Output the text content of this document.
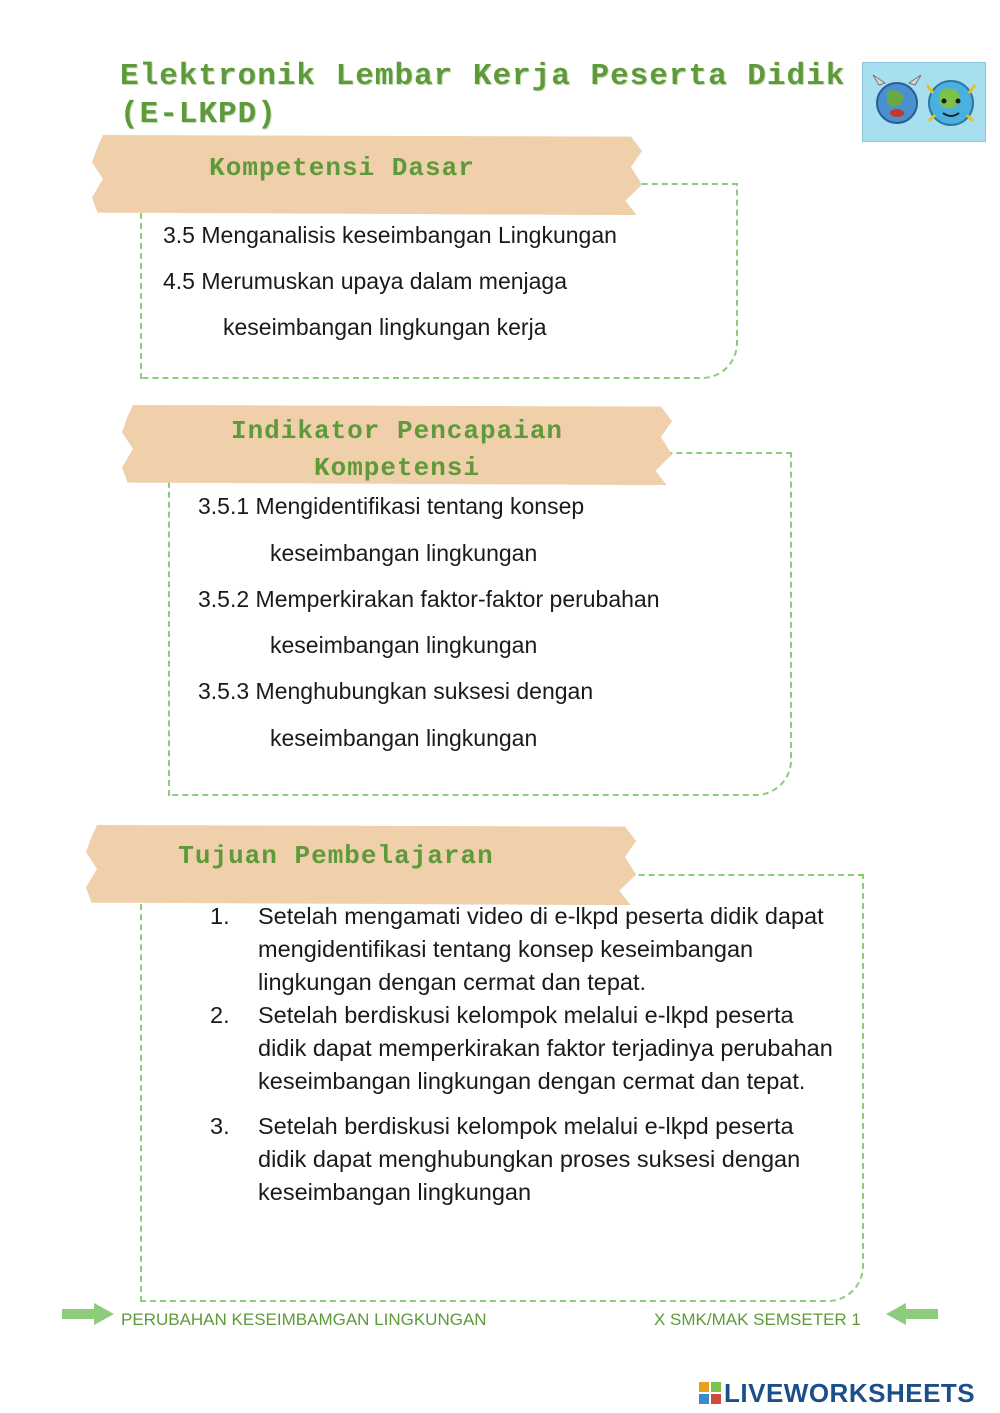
Elektronik Lembar Kerja Peserta Didik
(E-LKPD)
Kompetensi Dasar
3.5 Menganalisis keseimbangan Lingkungan
4.5 Merumuskan upaya dalam menjaga
keseimbangan lingkungan kerja
Indikator Pencapaian
Kompetensi
3.5.1 Mengidentifikasi tentang konsep
keseimbangan lingkungan
3.5.2 Memperkirakan faktor-faktor perubahan
keseimbangan lingkungan
3.5.3 Menghubungkan suksesi dengan
keseimbangan lingkungan
Tujuan Pembelajaran
1.	Setelah mengamati video di e-lkpd peserta didik dapat mengidentifikasi tentang konsep keseimbangan lingkungan dengan cermat dan tepat.
2.	Setelah berdiskusi kelompok melalui e-lkpd peserta didik dapat memperkirakan faktor terjadinya perubahan keseimbangan lingkungan dengan cermat dan tepat.
3.	Setelah berdiskusi kelompok melalui e-lkpd peserta didik dapat menghubungkan proses suksesi dengan keseimbangan lingkungan
PERUBAHAN KESEIMBAMGAN LINGKUNGAN	X SMK/MAK SEMSETER 1
LIVEWORKSHEETS
